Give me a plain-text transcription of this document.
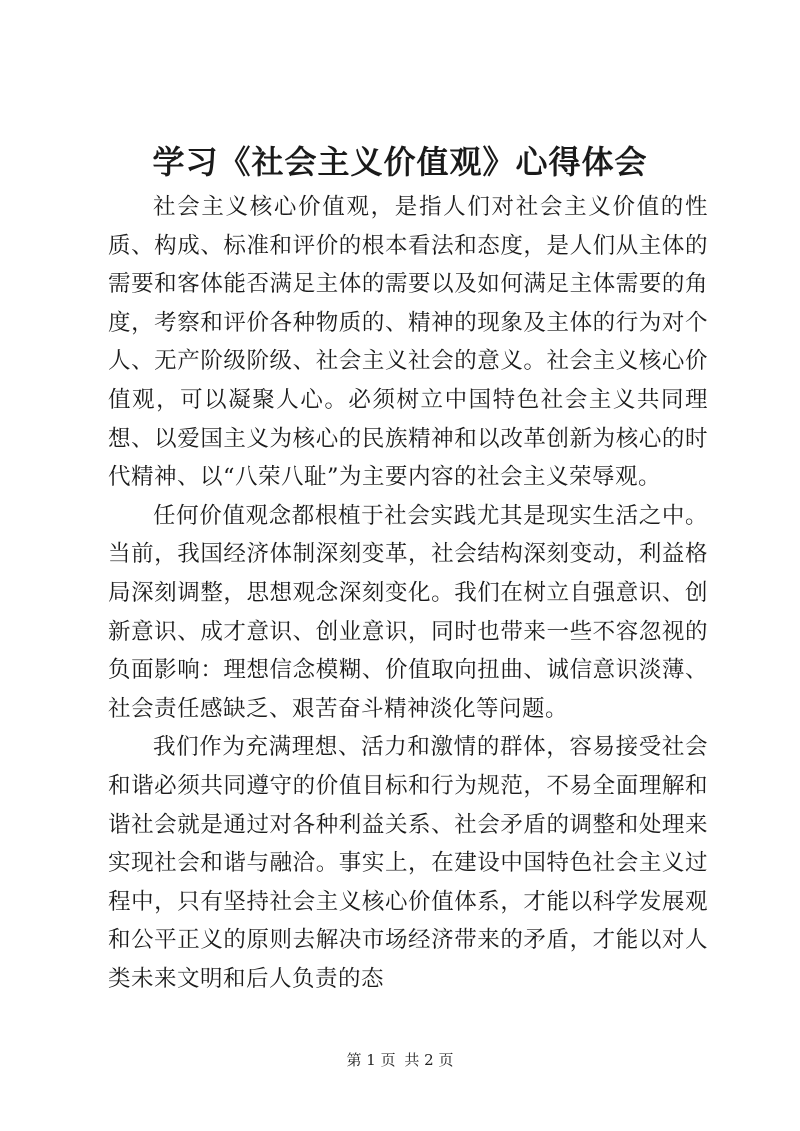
学习《社会主义价值观》心得体会

社会主义核心价值观，是指人们对社会主义价值的性质、构成、标准和评价的根本看法和态度，是人们从主体的需要和客体能否满足主体的需要以及如何满足主体需要的角度，考察和评价各种物质的、精神的现象及主体的行为对个人、无产阶级阶级、社会主义社会的意义。社会主义核心价值观，可以凝聚人心。必须树立中国特色社会主义共同理想、以爱国主义为核心的民族精神和以改革创新为核心的时代精神、以“八荣八耻”为主要内容的社会主义荣辱观。

任何价值观念都根植于社会实践尤其是现实生活之中。当前，我国经济体制深刻变革，社会结构深刻变动，利益格局深刻调整，思想观念深刻变化。我们在树立自强意识、创新意识、成才意识、创业意识，同时也带来一些不容忽视的负面影响：理想信念模糊、价值取向扭曲、诚信意识淡薄、社会责任感缺乏、艰苦奋斗精神淡化等问题。

我们作为充满理想、活力和激情的群体，容易接受社会和谐必须共同遵守的价值目标和行为规范，不易全面理解和谐社会就是通过对各种利益关系、社会矛盾的调整和处理来实现社会和谐与融洽。事实上，在建设中国特色社会主义过程中，只有坚持社会主义核心价值体系，才能以科学发展观和公平正义的原则去解决市场经济带来的矛盾，才能以对人类未来文明和后人负责的态

第 1 页 共 2 页
